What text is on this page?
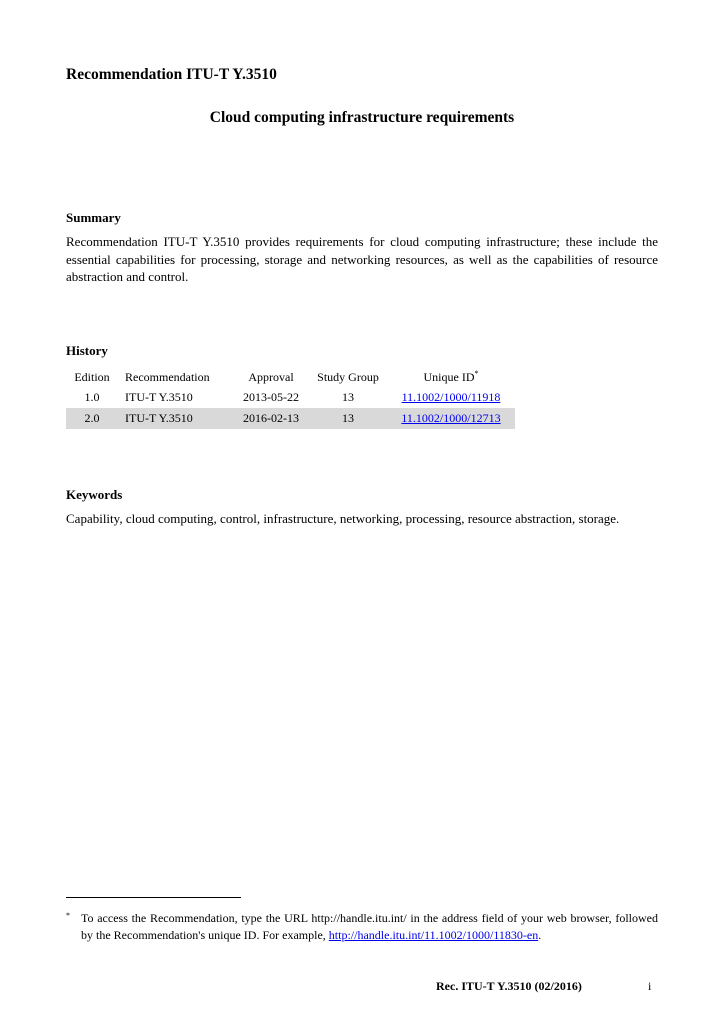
Recommendation ITU-T Y.3510
Cloud computing infrastructure requirements
Summary
Recommendation ITU-T Y.3510 provides requirements for cloud computing infrastructure; these include the essential capabilities for processing, storage and networking resources, as well as the capabilities of resource abstraction and control.
History
Edition	Recommendation	Approval	Study Group	Unique ID*
1.0	ITU-T Y.3510	2013-05-22	13	11.1002/1000/11918
2.0	ITU-T Y.3510	2016-02-13	13	11.1002/1000/12713
Keywords
Capability, cloud computing, control, infrastructure, networking, processing, resource abstraction, storage.
* To access the Recommendation, type the URL http://handle.itu.int/ in the address field of your web browser, followed by the Recommendation's unique ID. For example, http://handle.itu.int/11.1002/1000/11830-en.
Rec. ITU-T Y.3510 (02/2016)	i
